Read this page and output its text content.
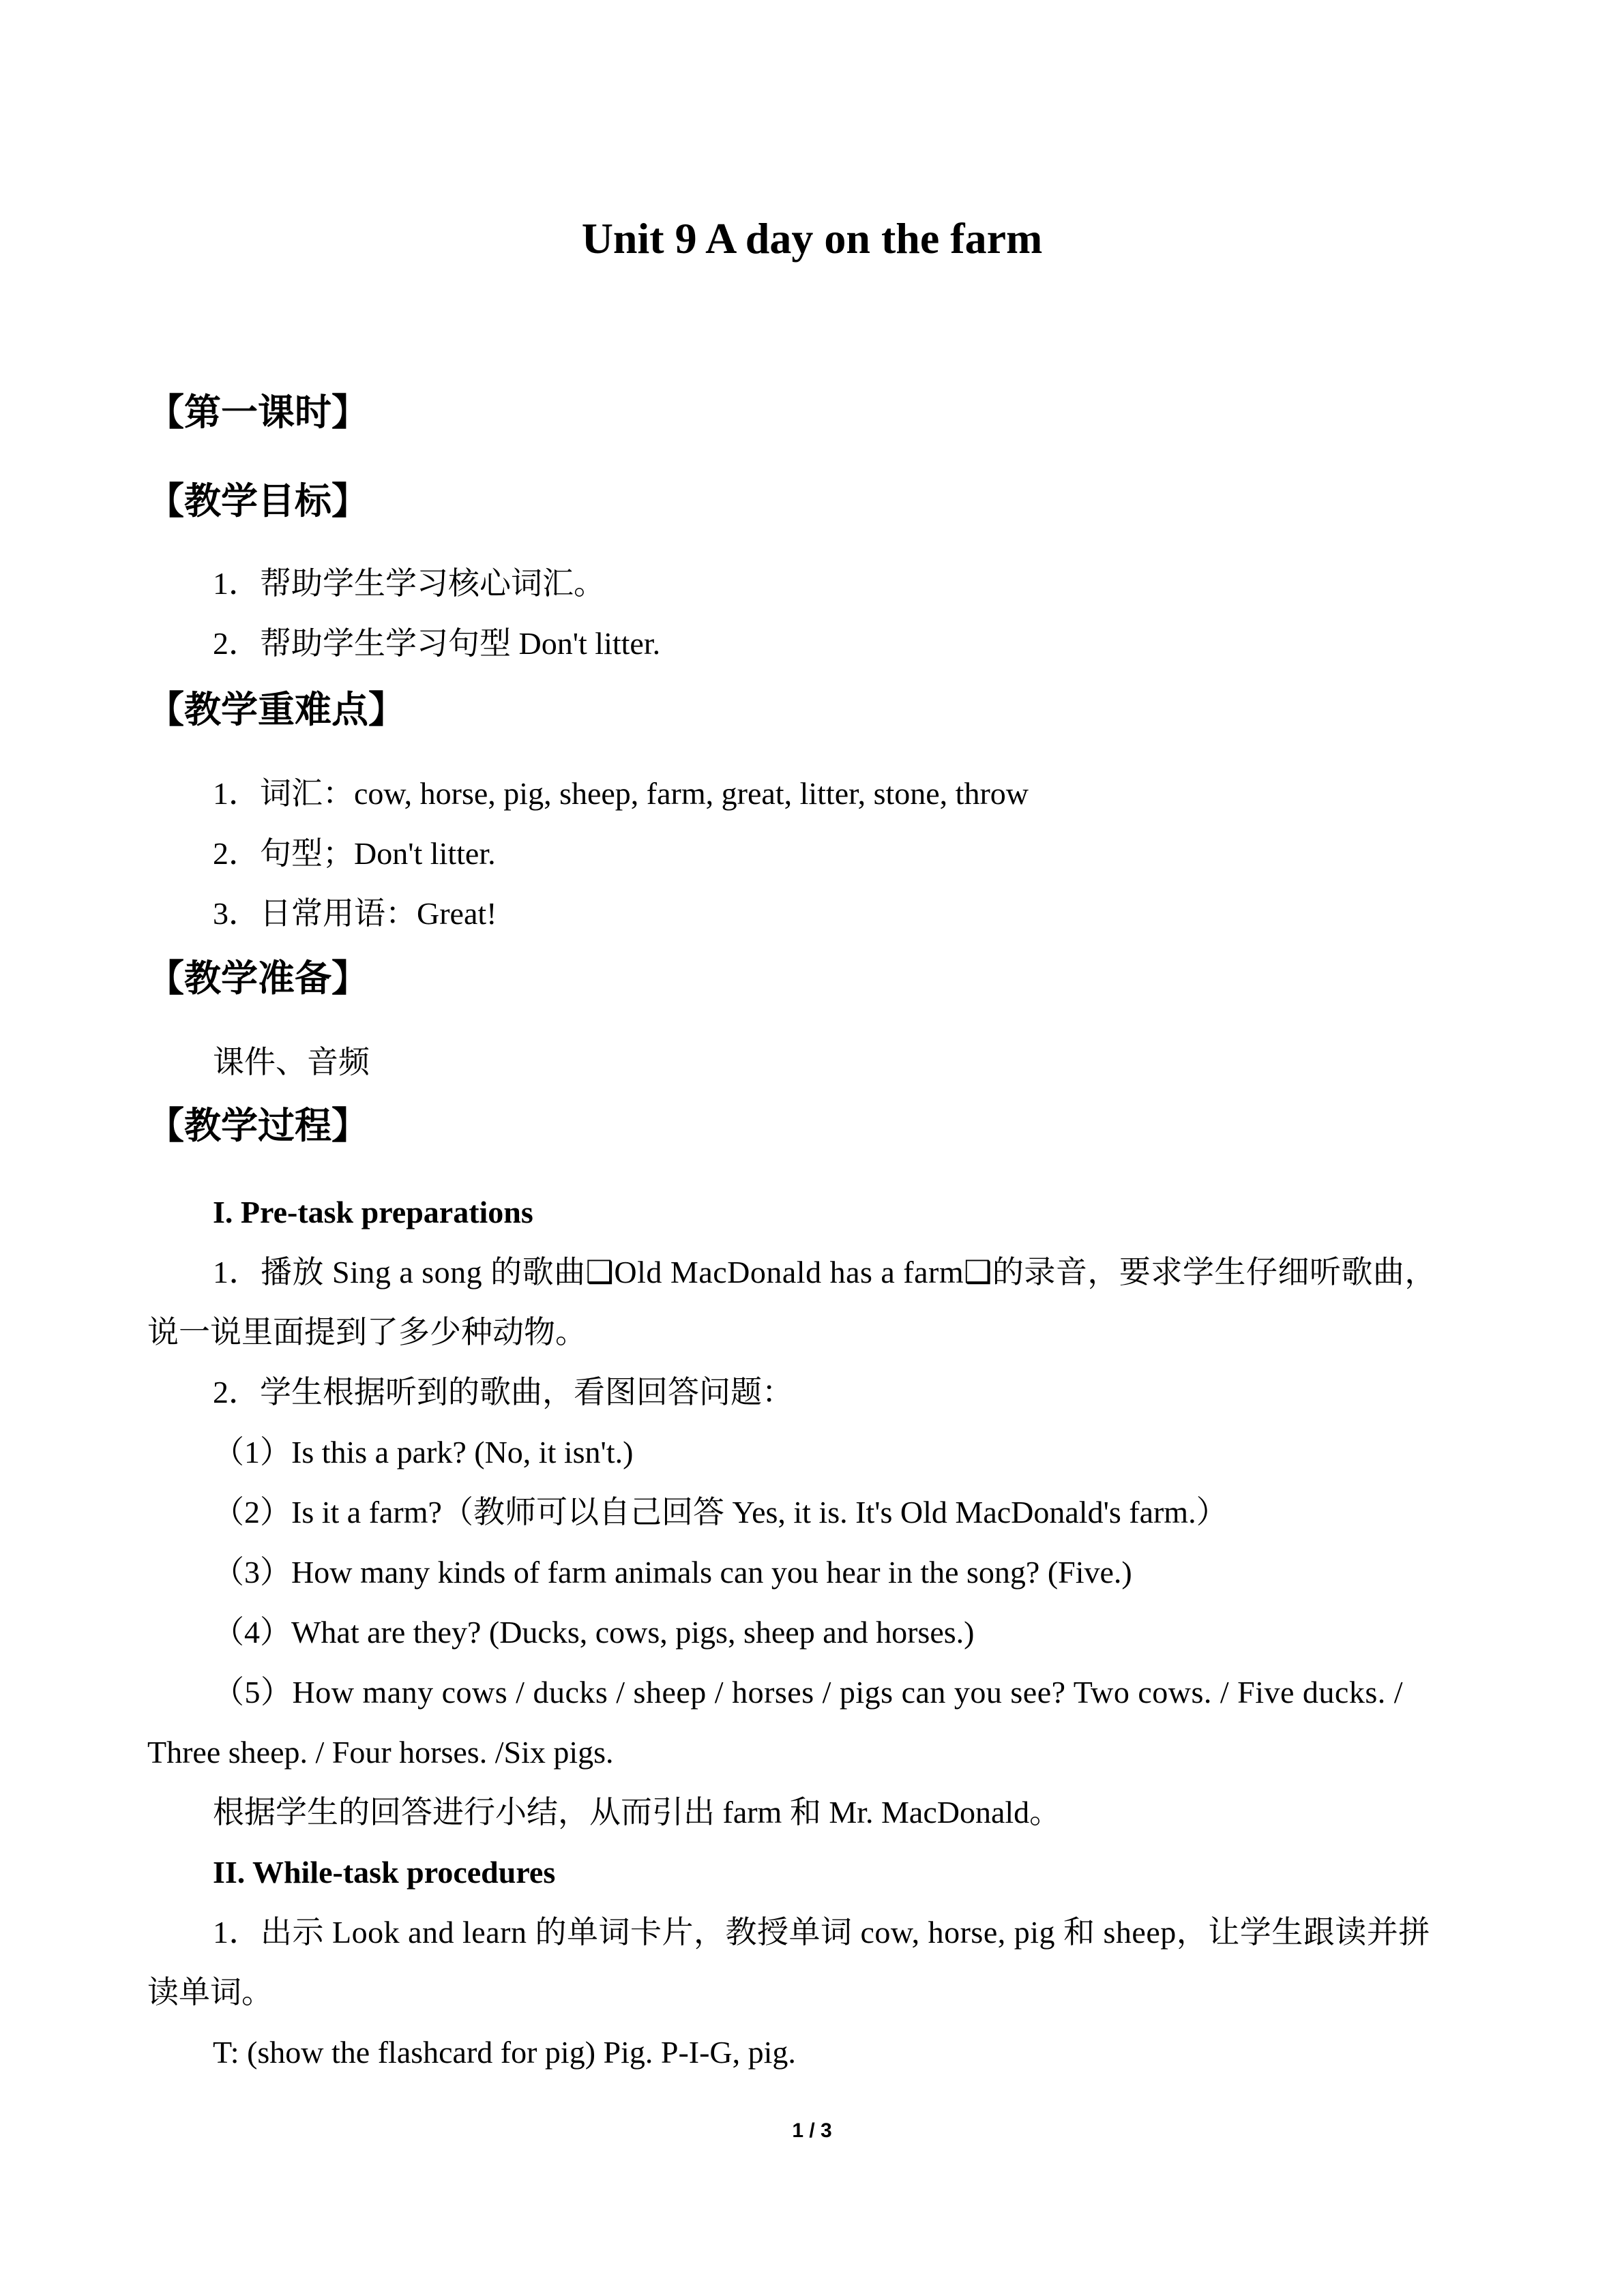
Unit 9 A day on the farm
【第一课时】
【教学目标】
1．帮助学生学习核心词汇。
2．帮助学生学习句型 Don't litter.
【教学重难点】
1．词汇：cow, horse, pig, sheep, farm, great, litter, stone, throw
2．句型；Don't litter.
3．日常用语：Great!
【教学准备】
课件、音频
【教学过程】
I. Pre-task preparations
1．播放 Sing a song 的歌曲❑Old MacDonald has a farm❑的录音，要求学生仔细听歌曲，
说一说里面提到了多少种动物。
2．学生根据听到的歌曲，看图回答问题：
（1）Is this a park? (No, it isn't.)
（2）Is it a farm?（教师可以自己回答 Yes, it is. It's Old MacDonald's farm.）
（3）How many kinds of farm animals can you hear in the song? (Five.)
（4）What are they? (Ducks, cows, pigs, sheep and horses.)
（5）How many cows / ducks / sheep / horses / pigs can you see? Two cows. / Five ducks. /
Three sheep. / Four horses. /Six pigs.
根据学生的回答进行小结，从而引出 farm 和 Mr. MacDonald。
II. While-task procedures
1．出示 Look and learn 的单词卡片，教授单词 cow, horse, pig 和 sheep，让学生跟读并拼
读单词。
T: (show the flashcard for pig) Pig. P-I-G, pig.
1 / 3
